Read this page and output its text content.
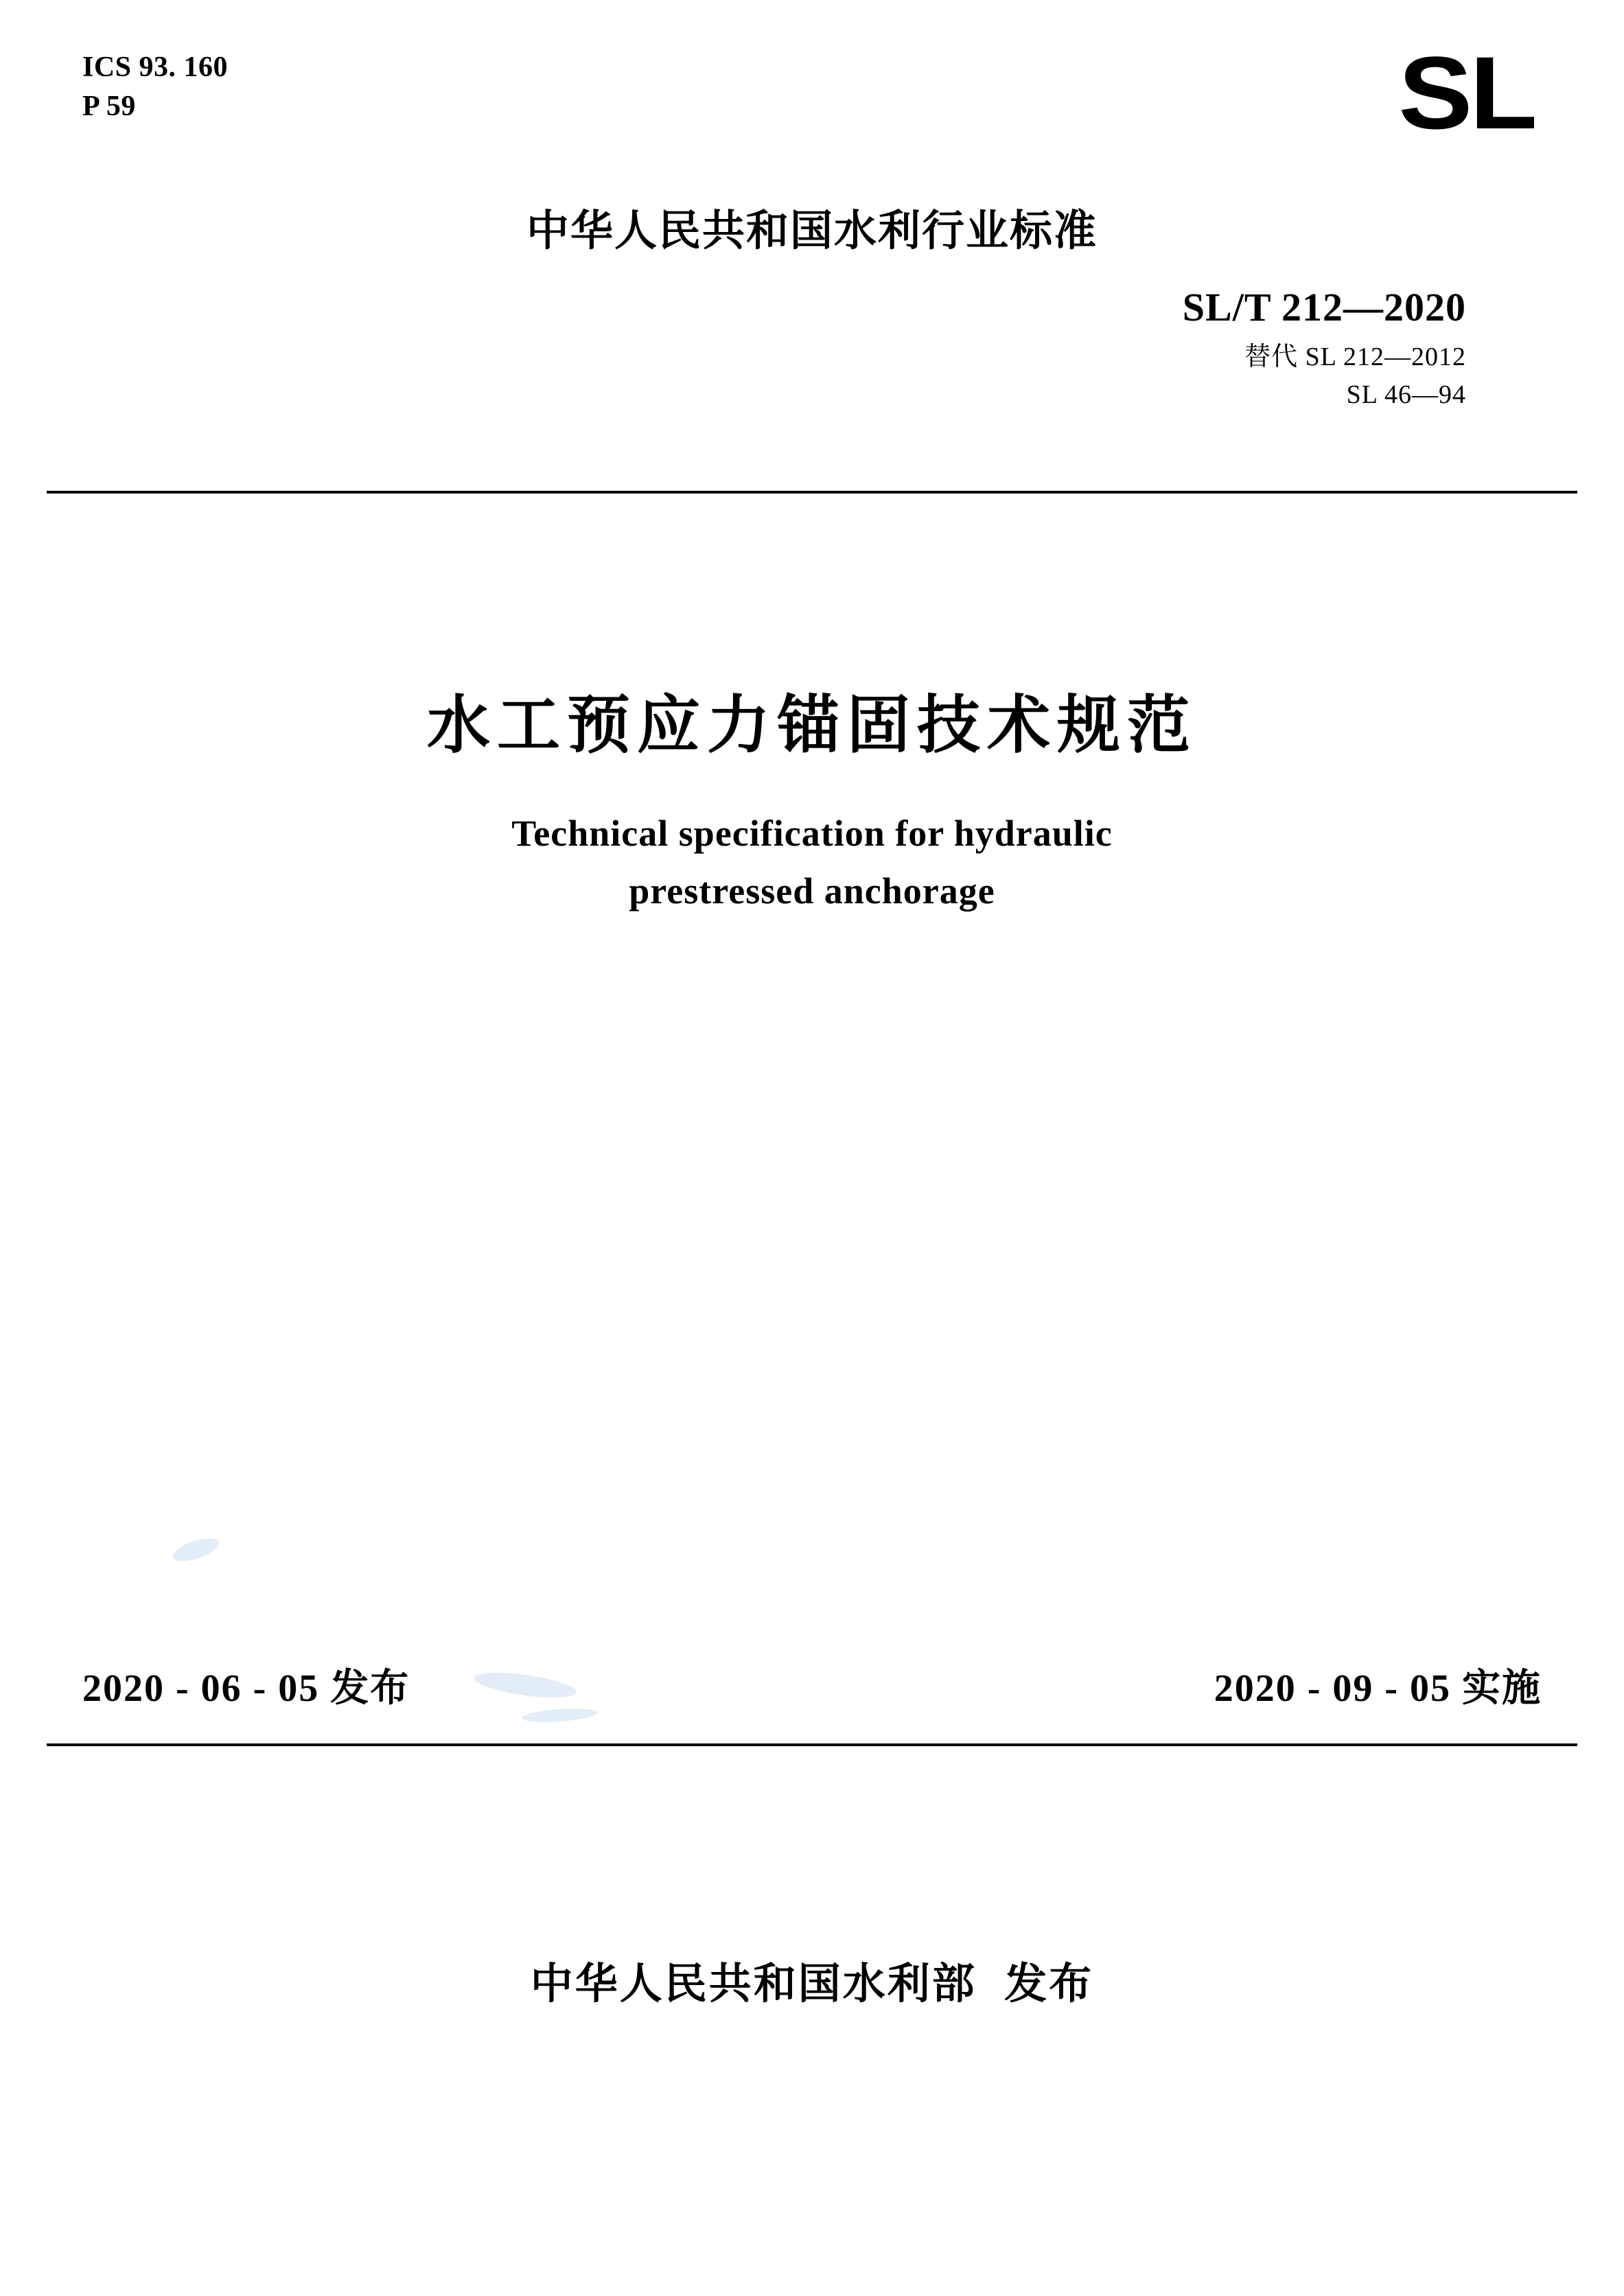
ICS 93. 160
P 59	SL
中华人民共和国水利行业标准
SL/T 212—2020
替代 SL 212—2012
SL 46—94
水工预应力锚固技术规范
Technical specification for hydraulic
prestressed anchorage
2020 - 06 - 05 发布	2020 - 09 - 05 实施
中华人民共和国水利部  发布
